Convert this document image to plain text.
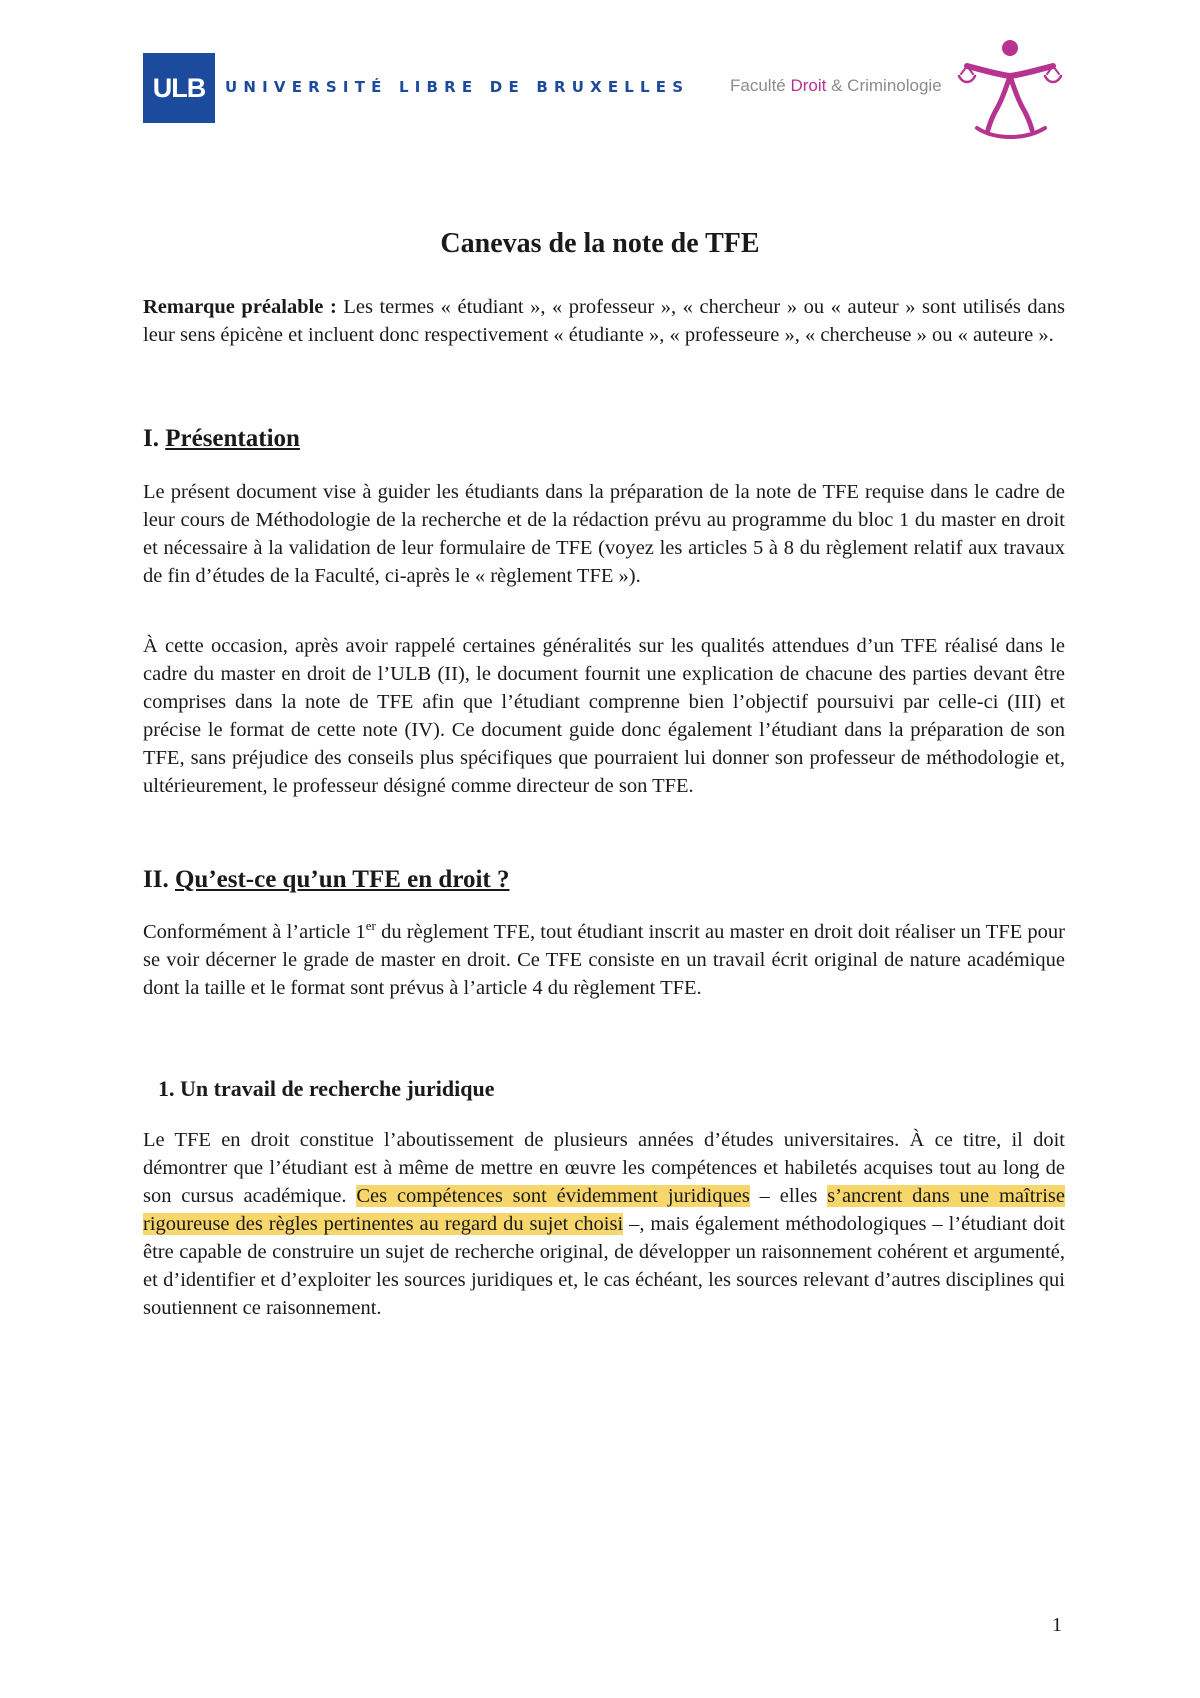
ULB	UNIVERSITÉ LIBRE DE BRUXELLES Faculté Droit & Criminologie
Canevas de la note de TFE

Remarque préalable : Les termes « étudiant », « professeur », « chercheur » ou « auteur » sont utilisés dans leur sens épicène et incluent donc respectivement « étudiante », « professeure », « chercheuse » ou « auteure ».

I. Présentation

Le présent document vise à guider les étudiants dans la préparation de la note de TFE requise dans le cadre de leur cours de Méthodologie de la recherche et de la rédaction prévu au programme du bloc 1 du master en droit et nécessaire à la validation de leur formulaire de TFE (voyez les articles 5 à 8 du règlement relatif aux travaux de fin d’études de la Faculté, ci-après le « règlement TFE »).

À cette occasion, après avoir rappelé certaines généralités sur les qualités attendues d’un TFE réalisé dans le cadre du master en droit de l’ULB (II), le document fournit une explication de chacune des parties devant être comprises dans la note de TFE afin que l’étudiant comprenne bien l’objectif poursuivi par celle-ci (III) et précise le format de cette note (IV). Ce document guide donc également l’étudiant dans la préparation de son TFE, sans préjudice des conseils plus spécifiques que pourraient lui donner son professeur de méthodologie et, ultérieurement, le professeur désigné comme directeur de son TFE.

II. Qu’est-ce qu’un TFE en droit ?

Conformément à l’article 1er du règlement TFE, tout étudiant inscrit au master en droit doit réaliser un TFE pour se voir décerner le grade de master en droit. Ce TFE consiste en un travail écrit original de nature académique dont la taille et le format sont prévus à l’article 4 du règlement TFE.

1. Un travail de recherche juridique

Le TFE en droit constitue l’aboutissement de plusieurs années d’études universitaires. À ce titre, il doit démontrer que l’étudiant est à même de mettre en œuvre les compétences et habiletés acquises tout au long de son cursus académique. Ces compétences sont évidemment juridiques – elles s’ancrent dans une maîtrise rigoureuse des règles pertinentes au regard du sujet choisi –, mais également méthodologiques – l’étudiant doit être capable de construire un sujet de recherche original, de développer un raisonnement cohérent et argumenté, et d’identifier et d’exploiter les sources juridiques et, le cas échéant, les sources relevant d’autres disciplines qui soutiennent ce raisonnement.

1
